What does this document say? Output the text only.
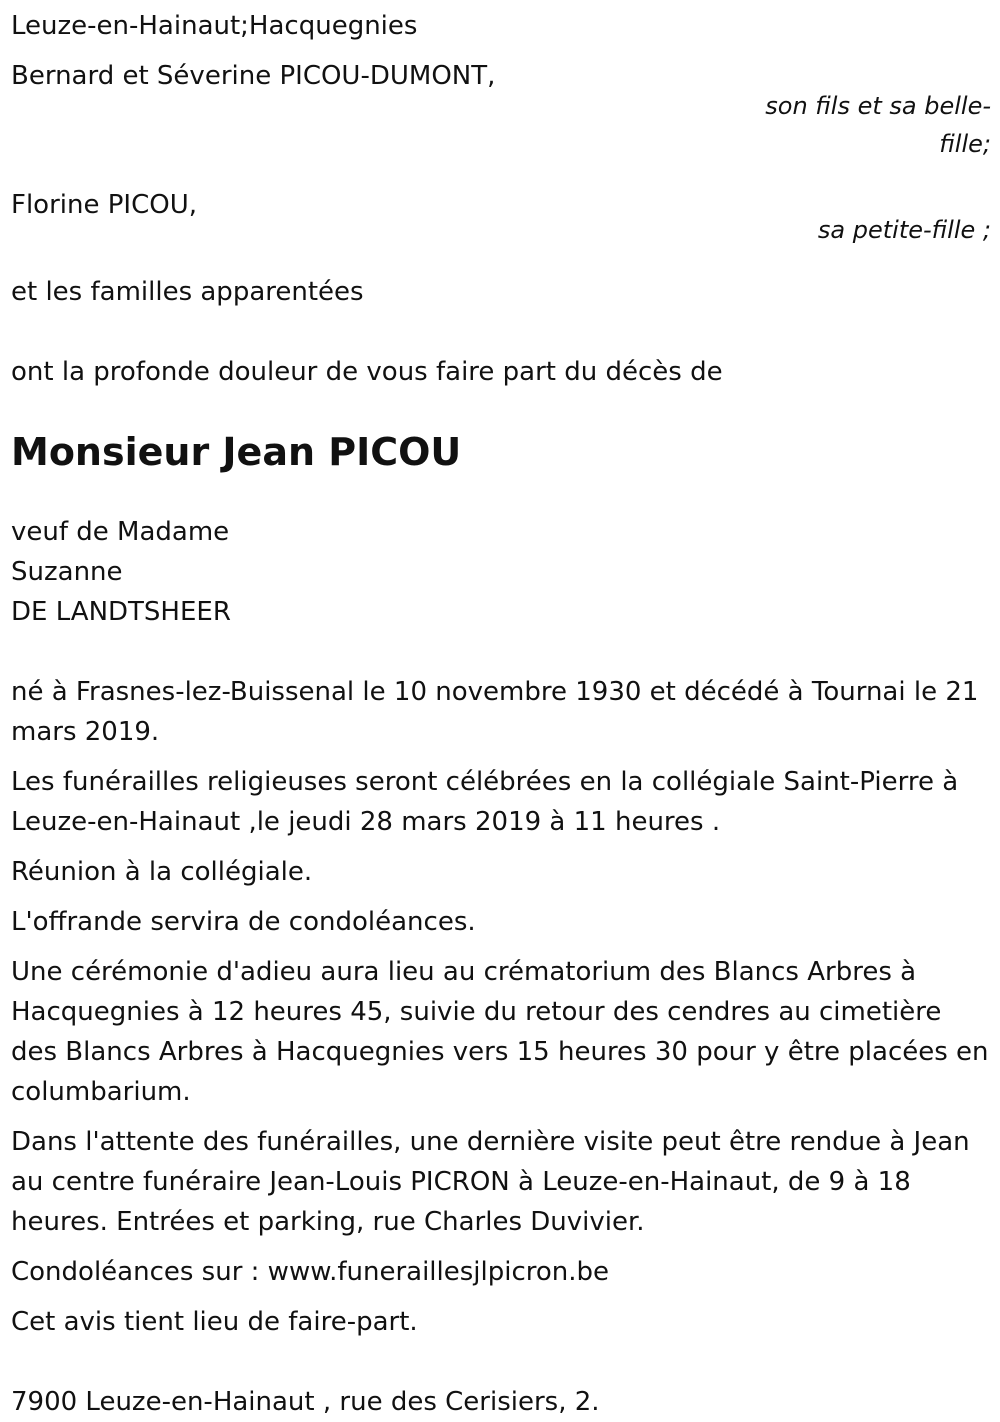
Leuze-en-Hainaut;Hacquegnies

Bernard et Séverine PICOU-DUMONT,

son fils et sa belle-fille;

Florine PICOU,

sa petite-fille ;

et les familles apparentées

ont la profonde douleur de vous faire part du décès de

Monsieur Jean PICOU

veuf de Madame

Suzanne

DE LANDTSHEER

né à Frasnes-lez-Buissenal le 10 novembre 1930 et décédé à Tournai le 21 mars 2019.

Les funérailles religieuses seront célébrées en la collégiale Saint-Pierre à Leuze-en-Hainaut ,le jeudi 28 mars 2019 à 11 heures .

Réunion à la collégiale.

L'offrande servira de condoléances.

Une cérémonie d'adieu aura lieu au crématorium des Blancs Arbres à Hacquegnies à 12 heures 45, suivie du retour des cendres au cimetière des Blancs Arbres à Hacquegnies vers 15 heures 30 pour y être placées en columbarium.

Dans l'attente des funérailles, une dernière visite peut être rendue à Jean au centre funéraire Jean-Louis PICRON à Leuze-en-Hainaut, de 9 à 18 heures. Entrées et parking, rue Charles Duvivier.

Condoléances sur : www.funeraillesjlpicron.be

Cet avis tient lieu de faire-part.

7900 Leuze-en-Hainaut , rue des Cerisiers, 2.
